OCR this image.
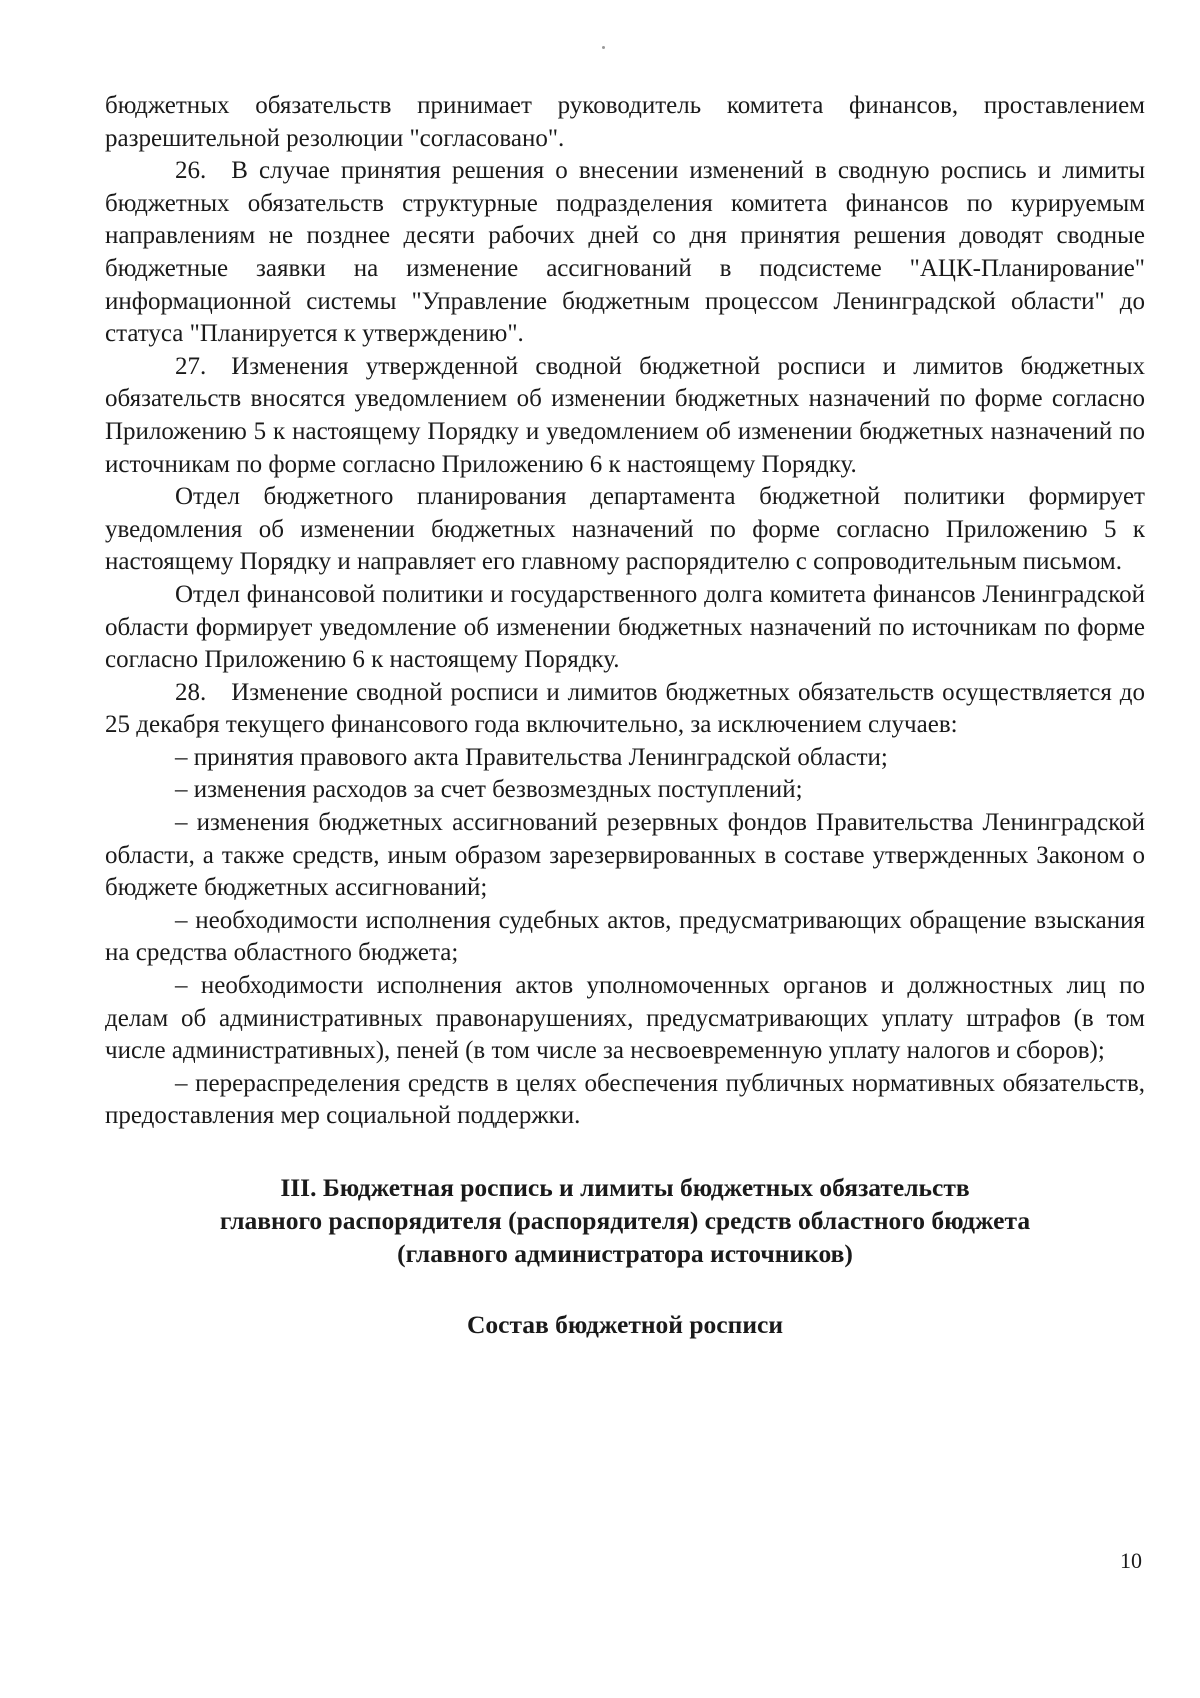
бюджетных обязательств принимает руководитель комитета финансов, проставлением разрешительной резолюции "согласовано".

26. В случае принятия решения о внесении изменений в сводную роспись и лимиты бюджетных обязательств структурные подразделения комитета финансов по курируемым направлениям не позднее десяти рабочих дней со дня принятия решения доводят сводные бюджетные заявки на изменение ассигнований в подсистеме "АЦК-Планирование" информационной системы "Управление бюджетным процессом Ленинградской области" до статуса "Планируется к утверждению".

27. Изменения утвержденной сводной бюджетной росписи и лимитов бюджетных обязательств вносятся уведомлением об изменении бюджетных назначений по форме согласно Приложению 5 к настоящему Порядку и уведомлением об изменении бюджетных назначений по источникам по форме согласно Приложению 6 к настоящему Порядку.

Отдел бюджетного планирования департамента бюджетной политики формирует уведомления об изменении бюджетных назначений по форме согласно Приложению 5 к настоящему Порядку и направляет его главному распорядителю с сопроводительным письмом.

Отдел финансовой политики и государственного долга комитета финансов Ленинградской области формирует уведомление об изменении бюджетных назначений по источникам по форме согласно Приложению 6 к настоящему Порядку.

28. Изменение сводной росписи и лимитов бюджетных обязательств осуществляется до 25 декабря текущего финансового года включительно, за исключением случаев:

– принятия правового акта Правительства Ленинградской области;

– изменения расходов за счет безвозмездных поступлений;

– изменения бюджетных ассигнований резервных фондов Правительства Ленинградской области, а также средств, иным образом зарезервированных в составе утвержденных Законом о бюджете бюджетных ассигнований;

– необходимости исполнения судебных актов, предусматривающих обращение взыскания на средства областного бюджета;

– необходимости исполнения актов уполномоченных органов и должностных лиц по делам об административных правонарушениях, предусматривающих уплату штрафов (в том числе административных), пеней (в том числе за несвоевременную уплату налогов и сборов);

– перераспределения средств в целях обеспечения публичных нормативных обязательств, предоставления мер социальной поддержки.

III. Бюджетная роспись и лимиты бюджетных обязательств

главного распорядителя (распорядителя) средств областного бюджета

(главного администратора источников)

Состав бюджетной росписи

10
